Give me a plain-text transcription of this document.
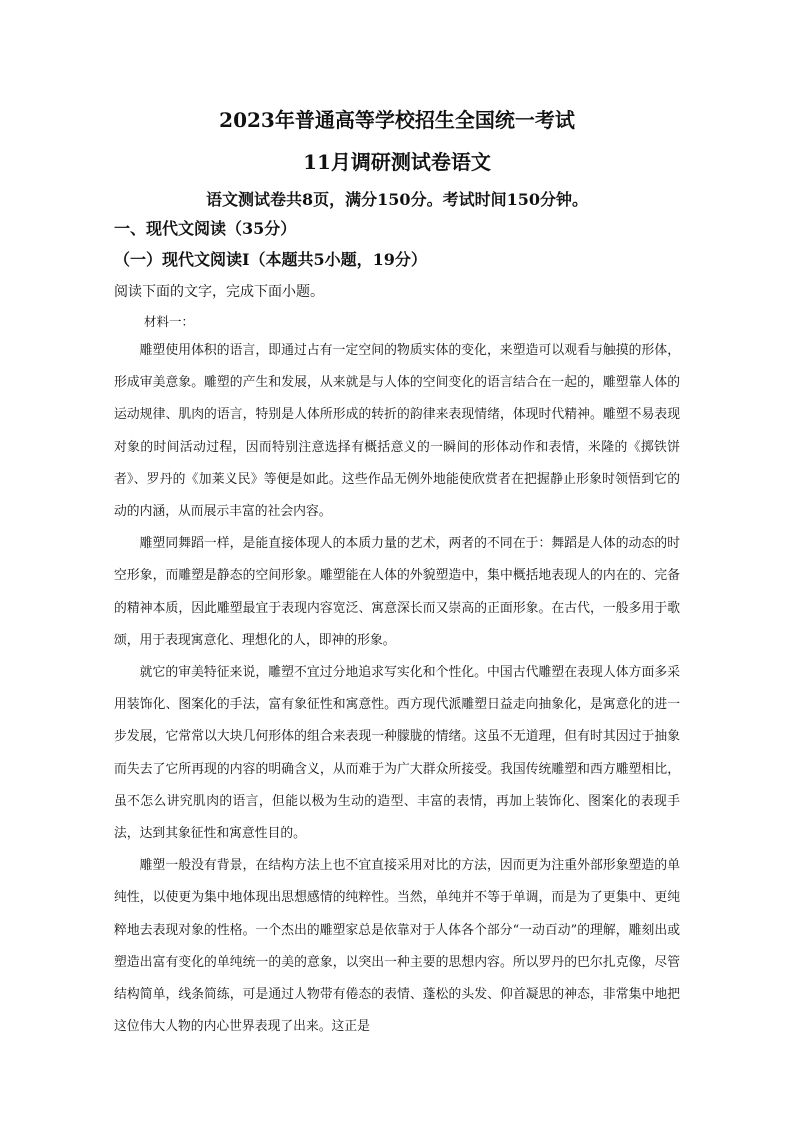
2023年普通高等学校招生全国统一考试
11月调研测试卷语文
语文测试卷共8页，满分150分。考试时间150分钟。
一、现代文阅读（35分）
（一）现代文阅读Ⅰ（本题共5小题，19分）
阅读下面的文字，完成下面小题。
材料一：

雕塑使用体积的语言，即通过占有一定空间的物质实体的变化，来塑造可以观看与触摸的形体，形成审美意象。雕塑的产生和发展，从来就是与人体的空间变化的语言结合在一起的，雕塑靠人体的运动规律、肌肉的语言，特别是人体所形成的转折的韵律来表现情绪，体现时代精神。雕塑不易表现对象的时间活动过程，因而特别注意选择有概括意义的一瞬间的形体动作和表情，米隆的《掷铁饼者》、罗丹的《加莱义民》等便是如此。这些作品无例外地能使欣赏者在把握静止形象时领悟到它的动的内涵，从而展示丰富的社会内容。

雕塑同舞蹈一样，是能直接体现人的本质力量的艺术，两者的不同在于：舞蹈是人体的动态的时空形象，而雕塑是静态的空间形象。雕塑能在人体的外貌塑造中，集中概括地表现人的内在的、完备的精神本质，因此雕塑最宜于表现内容宽泛、寓意深长而又崇高的正面形象。在古代，一般多用于歌颂，用于表现寓意化、理想化的人，即神的形象。

就它的审美特征来说，雕塑不宜过分地追求写实化和个性化。中国古代雕塑在表现人体方面多采用装饰化、图案化的手法，富有象征性和寓意性。西方现代派雕塑日益走向抽象化，是寓意化的进一步发展，它常常以大块几何形体的组合来表现一种朦胧的情绪。这虽不无道理，但有时其因过于抽象而失去了它所再现的内容的明确含义，从而难于为广大群众所接受。我国传统雕塑和西方雕塑相比，虽不怎么讲究肌肉的语言，但能以极为生动的造型、丰富的表情，再加上装饰化、图案化的表现手法，达到其象征性和寓意性目的。

雕塑一般没有背景，在结构方法上也不宜直接采用对比的方法，因而更为注重外部形象塑造的单纯性，以使更为集中地体现出思想感情的纯粹性。当然，单纯并不等于单调，而是为了更集中、更纯粹地去表现对象的性格。一个杰出的雕塑家总是依靠对于人体各个部分“一动百动”的理解，雕刻出或塑造出富有变化的单纯统一的美的意象，以突出一种主要的思想内容。所以罗丹的巴尔扎克像，尽管结构简单，线条简练，可是通过人物带有倦态的表情、蓬松的头发、仰首凝思的神态，非常集中地把这位伟大人物的内心世界表现了出来。这正是
